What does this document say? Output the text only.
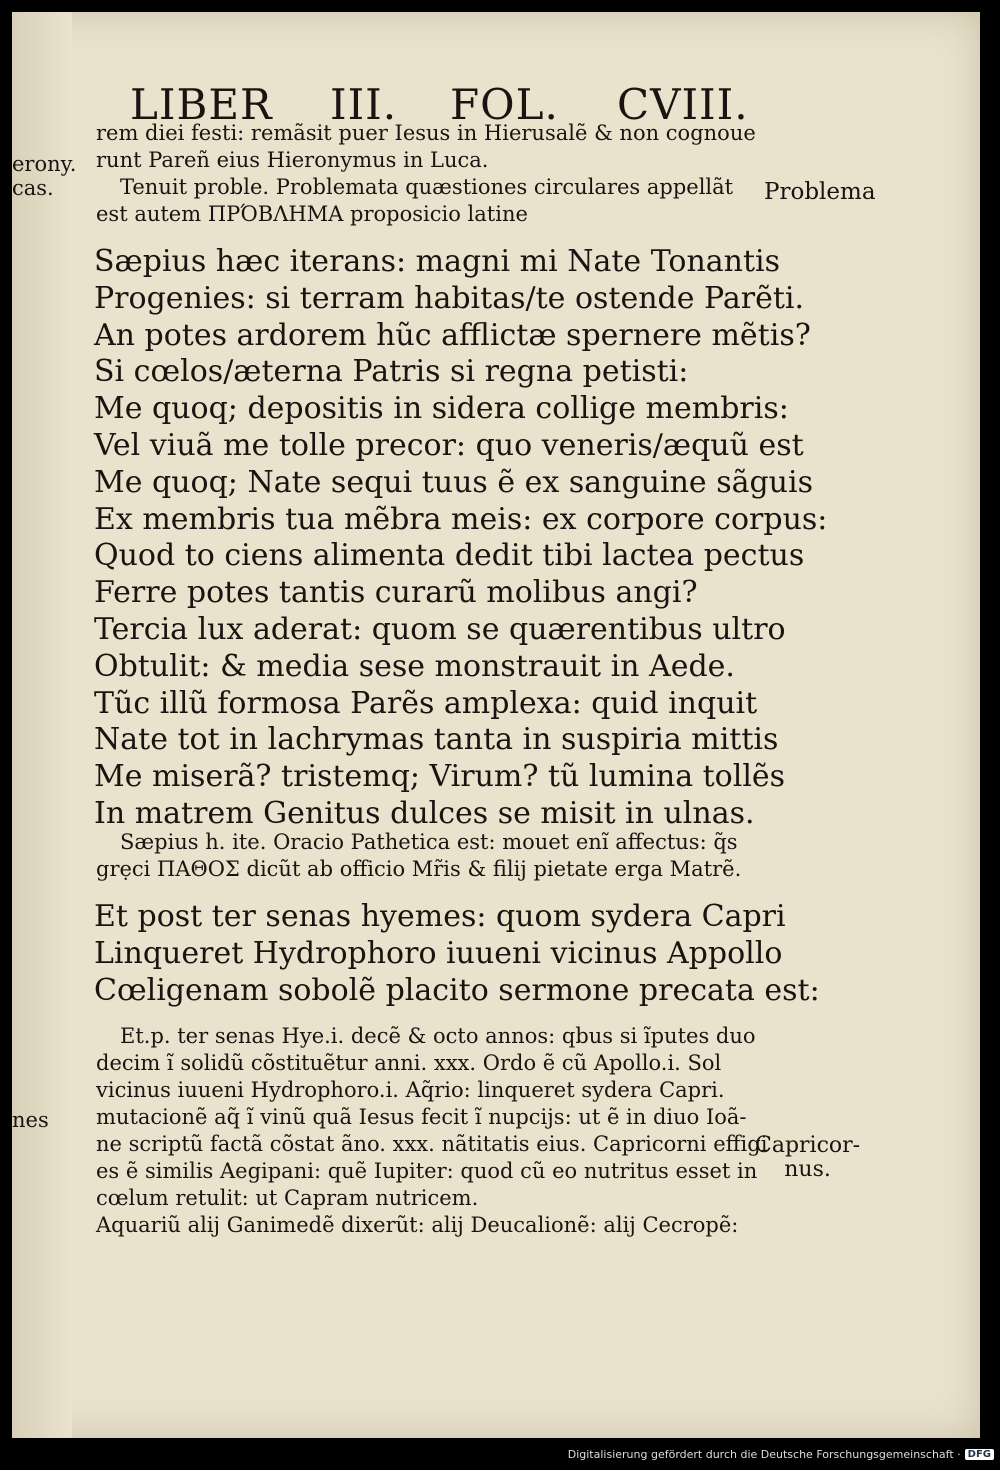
LIBER III. FOL. CVIII.
erony.
cas.
nes
Problema
Capricor-
nus.
rem diei festi: remãsit puer Iesus in Hierusalẽ & non cognoue
runt Pareñ eius Hieronymus in Luca.
Tenuit proble. Problemata quæstiones circulares appellãt
est autem ΠΡΌΒΛΗΜΑ proposicio latine
Sæpius hæc iterans: magni mi Nate Tonantis
Progenies: si terram habitas/te ostende Parẽti.
An potes ardorem hũc afflictæ spernere mẽtis?
Si cœlos/æterna Patris si regna petisti:
Me quoq; depositis in sidera collige membris:
Vel viuã me tolle precor: quo veneris/æquũ est
Me quoq; Nate sequi tuus ẽ ex sanguine sãguis
Ex membris tua mẽbra meis: ex corpore corpus:
Quod to ciens alimenta dedit tibi lactea pectus
Ferre potes tantis curarũ molibus angi?
Tercia lux aderat: quom se quærentibus ultro
Obtulit: & media sese monstrauit in Aede.
Tũc illũ formosa Parẽs amplexa: quid inquit
Nate tot in lachrymas tanta in suspiria mittis
Me miserã? tristemq; Virum? tũ lumina tollẽs
In matrem Genitus dulces se misit in ulnas.
Sæpius h. ite. Oracio Pathetica est: mouet enĩ affectus: q̃s
grẹci ΠΑΘΟΣ dicũt ab officio Mr̃is & filij pietate erga Matrẽ.
Et post ter senas hyemes: quom sydera Capri
Linqueret Hydrophoro iuueni vicinus Appollo
Cœligenam sobolẽ placito sermone precata est:
Et.p. ter senas Hye.i. decẽ & octo annos: qbus si ĩputes duo
decim ĩ solidũ cõstituẽtur anni. xxx. Ordo ẽ cũ Apollo.i. Sol
vicinus iuueni Hydrophoro.i. Aq̃rio: linqueret sydera Capri.
mutacionẽ aq̃ ĩ vinũ quã Iesus fecit ĩ nupcijs: ut ẽ in diuo Ioã-
ne scriptũ factã cõstat ãno. xxx. nãtitatis eius. Capricorni effigi
es ẽ similis Aegipani: quẽ Iupiter: quod cũ eo nutritus esset in
cœlum retulit: ut Capram nutricem.
Aquariũ alij Ganimedẽ dixerũt: alij Deucalionẽ: alij Cecropẽ:
Digitalisierung gefördert durch die Deutsche Forschungsgemeinschaft · DFG
